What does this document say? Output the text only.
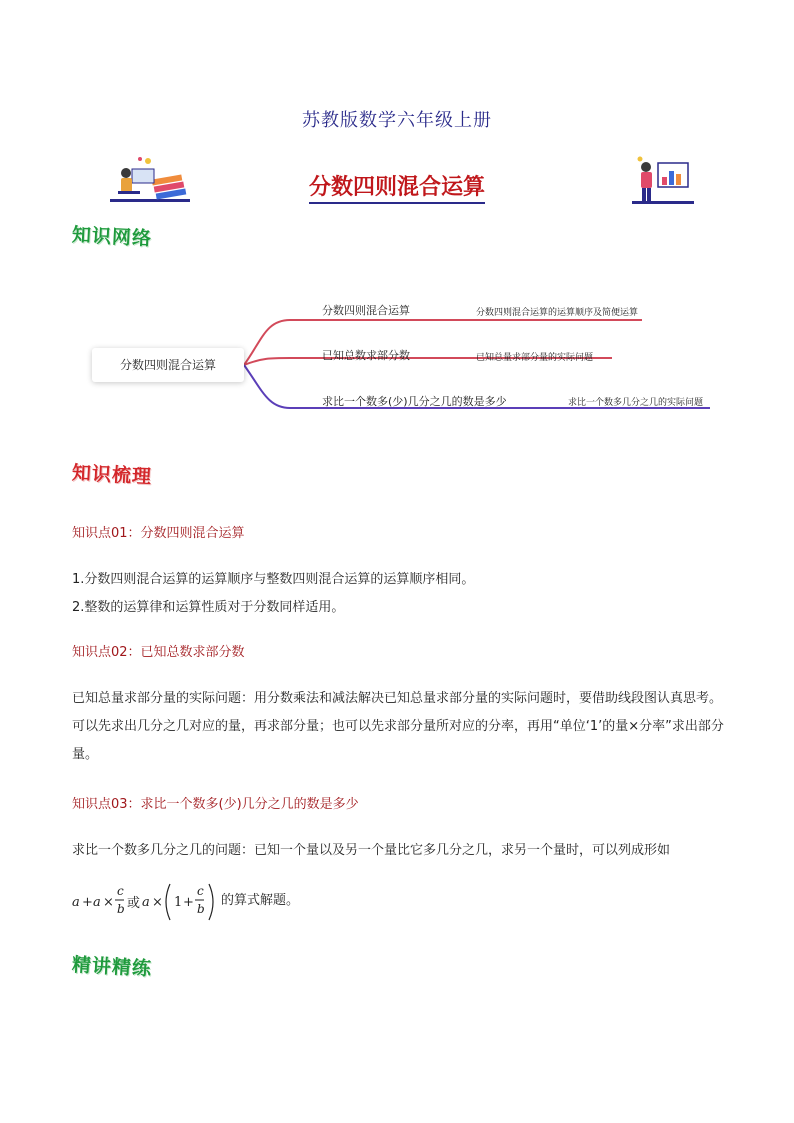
苏教版数学六年级上册
分数四则混合运算
知识网络
分数四则混合运算
分数四则混合运算	分数四则混合运算的运算顺序及简便运算
已知总数求部分数	已知总量求部分量的实际问题
求比一个数多(少)几分之几的数是多少	求比一个数多几分之几的实际问题
知识梳理
知识点01：分数四则混合运算
1.分数四则混合运算的运算顺序与整数四则混合运算的运算顺序相同。
2.整数的运算律和运算性质对于分数同样适用。
知识点02：已知总数求部分数
已知总量求部分量的实际问题：用分数乘法和减法解决已知总量求部分量的实际问题时，要借助线段图认真思考。可以先求出几分之几对应的量，再求部分量；也可以先求部分量所对应的分率，再用“单位‘1’的量×分率”求出部分量。
知识点03：求比一个数多(少)几分之几的数是多少
求比一个数多几分之几的问题：已知一个量以及另一个量比它多几分之几，求另一个量时，可以列成形如
a + a ×
c
b 或 a × 1 +
c
b
的算式解题。
精讲精练
